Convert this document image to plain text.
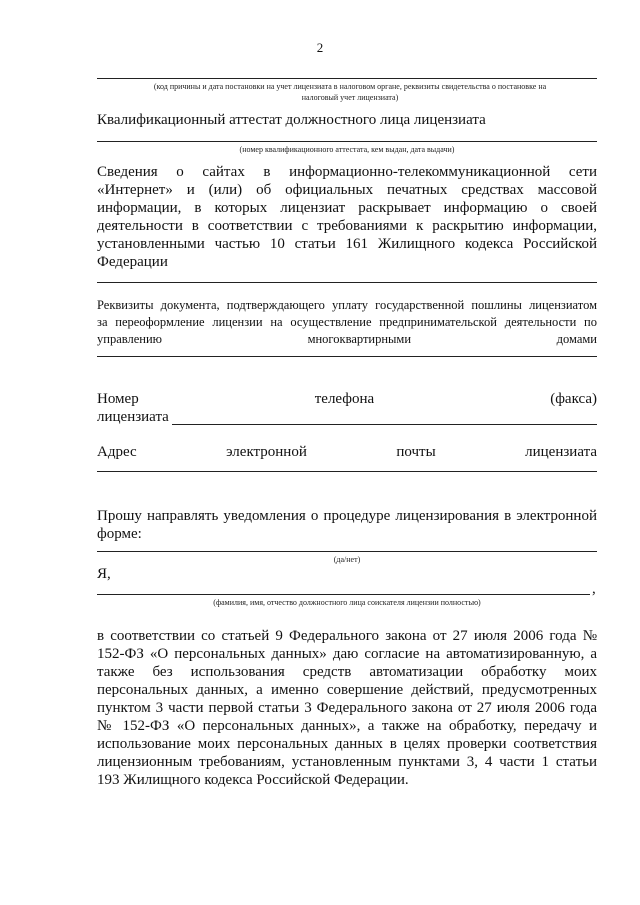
2
(код причины и дата постановки на учет лицензиата в налоговом органе, реквизиты свидетельства о постановке на налоговый учет лицензиата)
Квалификационный аттестат должностного лица лицензиата
(номер квалификационного аттестата, кем выдан, дата выдачи)
Сведения о сайтах в информационно-телекоммуникационной сети
«Интернет» и (или) об официальных печатных средствах массовой
информации, в которых лицензиат раскрывает информацию о своей
деятельности в соответствии с требованиями к раскрытию информации,
установленными частью 10 статьи 161 Жилищного кодекса Российской
Федерации
Реквизиты документа, подтверждающего уплату государственной пошлины лицензиатом
за переоформление лицензии на осуществление предпринимательской деятельности по
управлению многоквартирными домами
Номер телефона (факса)
лицензиата
Адрес электронной почты лицензиата
Прошу направлять уведомления о процедуре лицензирования в электронной
форме:
(да/нет)
Я,
,
(фамилия, имя, отчество должностного лица соискателя лицензии полностью)
в соответствии со статьей 9 Федерального закона от 27 июля 2006 года №
152-ФЗ «О персональных данных» даю согласие на автоматизированную, а
также без использования средств автоматизации обработку моих
персональных данных, а именно совершение действий, предусмотренных
пунктом 3 части первой статьи 3 Федерального закона от 27 июля 2006 года
№ 152-ФЗ «О персональных данных», а также на обработку, передачу и
использование моих персональных данных в целях проверки соответствия
лицензионным требованиям, установленным пунктами 3, 4 части 1 статьи
193 Жилищного кодекса Российской Федерации.
